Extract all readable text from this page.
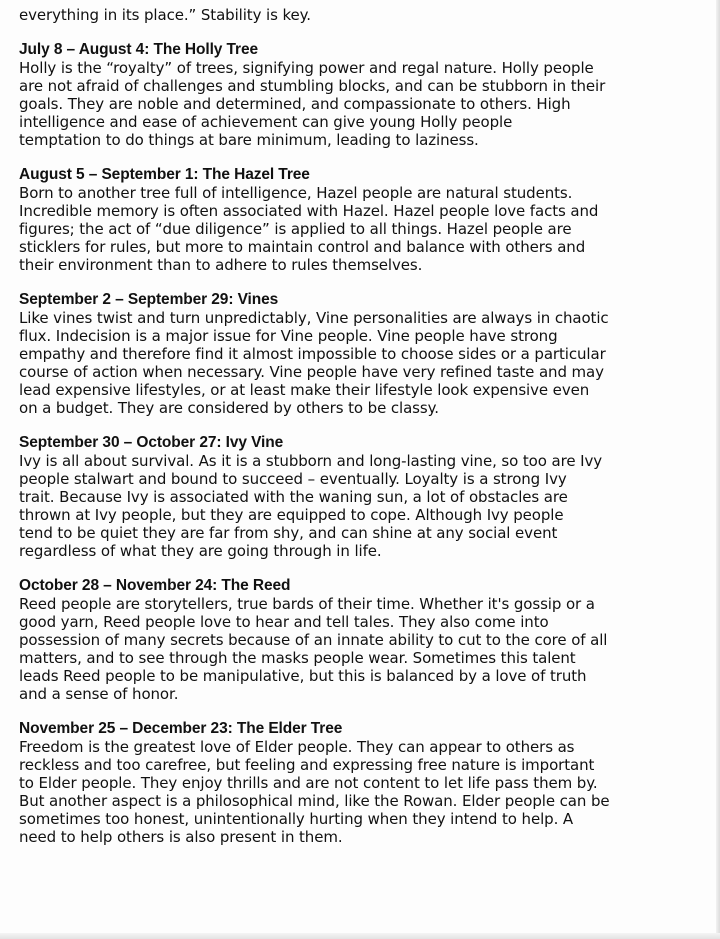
everything in its place.” Stability is key.

July 8 – August 4: The Holly Tree
Holly is the “royalty” of trees, signifying power and regal nature. Holly people
are not afraid of challenges and stumbling blocks, and can be stubborn in their
goals. They are noble and determined, and compassionate to others. High
intelligence and ease of achievement can give young Holly people
temptation to do things at bare minimum, leading to laziness.
August 5 – September 1: The Hazel Tree
Born to another tree full of intelligence, Hazel people are natural students.
Incredible memory is often associated with Hazel. Hazel people love facts and
figures; the act of “due diligence” is applied to all things. Hazel people are
sticklers for rules, but more to maintain control and balance with others and
their environment than to adhere to rules themselves.
September 2 – September 29: Vines
Like vines twist and turn unpredictably, Vine personalities are always in chaotic
flux. Indecision is a major issue for Vine people. Vine people have strong
empathy and therefore find it almost impossible to choose sides or a particular
course of action when necessary. Vine people have very refined taste and may
lead expensive lifestyles, or at least make their lifestyle look expensive even
on a budget. They are considered by others to be classy.
September 30 – October 27: Ivy Vine
Ivy is all about survival. As it is a stubborn and long-lasting vine, so too are Ivy
people stalwart and bound to succeed – eventually. Loyalty is a strong Ivy
trait. Because Ivy is associated with the waning sun, a lot of obstacles are
thrown at Ivy people, but they are equipped to cope. Although Ivy people
tend to be quiet they are far from shy, and can shine at any social event
regardless of what they are going through in life.
October 28 – November 24: The Reed
Reed people are storytellers, true bards of their time. Whether it's gossip or a
good yarn, Reed people love to hear and tell tales. They also come into
possession of many secrets because of an innate ability to cut to the core of all
matters, and to see through the masks people wear. Sometimes this talent
leads Reed people to be manipulative, but this is balanced by a love of truth
and a sense of honor.
November 25 – December 23: The Elder Tree
Freedom is the greatest love of Elder people. They can appear to others as
reckless and too carefree, but feeling and expressing free nature is important
to Elder people. They enjoy thrills and are not content to let life pass them by.
But another aspect is a philosophical mind, like the Rowan. Elder people can be
sometimes too honest, unintentionally hurting when they intend to help. A
need to help others is also present in them.
